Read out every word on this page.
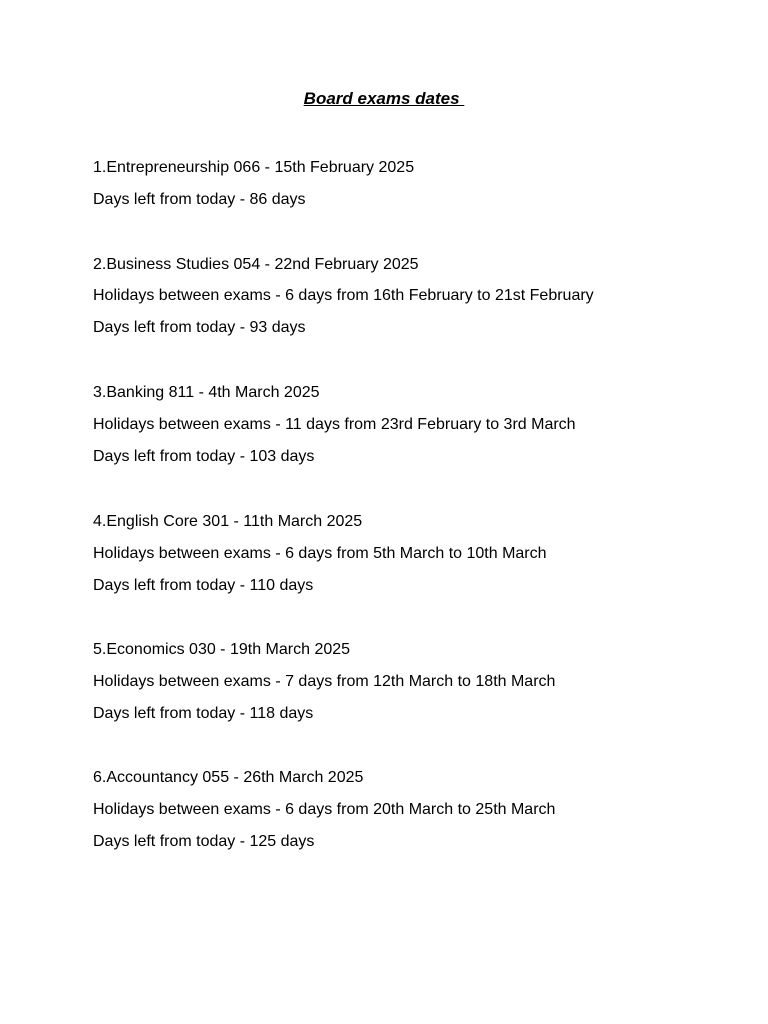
Board exams dates
1.Entrepreneurship 066 - 15th February 2025
Days left from today - 86 days
2.Business Studies 054 - 22nd February 2025
Holidays between exams - 6 days from 16th February to 21st February
Days left from today - 93 days
3.Banking 811 - 4th March 2025
Holidays between exams - 11 days from 23rd February to 3rd March
Days left from today - 103 days
4.English Core 301 - 11th March 2025
Holidays between exams - 6 days from 5th March to 10th March
Days left from today - 110 days
5.Economics 030 - 19th March 2025
Holidays between exams - 7 days from 12th March to 18th March
Days left from today - 118 days
6.Accountancy 055 - 26th March 2025
Holidays between exams - 6 days from 20th March to 25th March
Days left from today - 125 days
